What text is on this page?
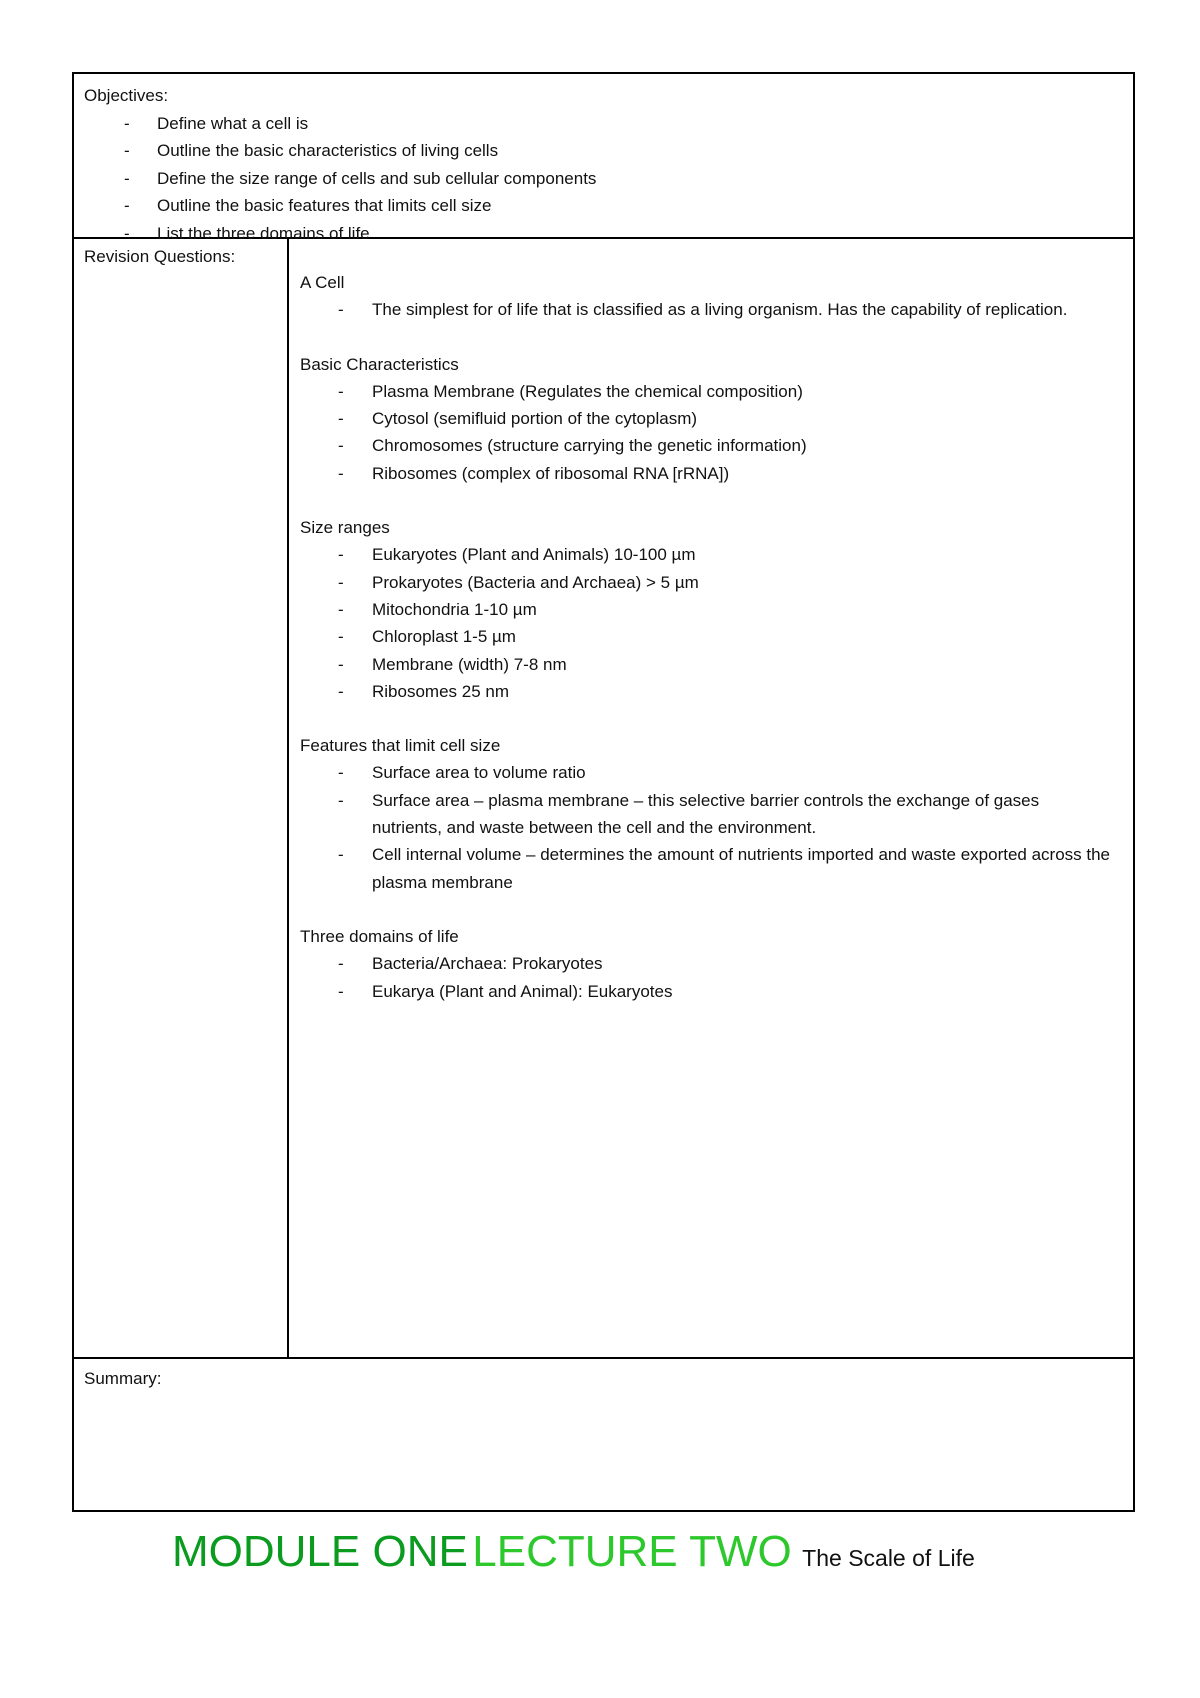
Objectives:
- Define what a cell is
- Outline the basic characteristics of living cells
- Define the size range of cells and sub cellular components
- Outline the basic features that limits cell size
- List the three domains of life
Revision Questions:
A Cell
- The simplest for of life that is classified as a living organism. Has the capability of replication.
Basic Characteristics
- Plasma Membrane (Regulates the chemical composition)
- Cytosol (semifluid portion of the cytoplasm)
- Chromosomes (structure carrying the genetic information)
- Ribosomes (complex of ribosomal RNA [rRNA])
Size ranges
- Eukaryotes (Plant and Animals) 10-100 µm
- Prokaryotes (Bacteria and Archaea) > 5 µm
- Mitochondria 1-10 µm
- Chloroplast 1-5 µm
- Membrane (width) 7-8 nm
- Ribosomes 25 nm
Features that limit cell size
- Surface area to volume ratio
- Surface area – plasma membrane – this selective barrier controls the exchange of gases nutrients, and waste between the cell and the environment.
- Cell internal volume – determines the amount of nutrients imported and waste exported across the plasma membrane
Three domains of life
- Bacteria/Archaea: Prokaryotes
- Eukarya (Plant and Animal): Eukaryotes
Summary:
MODULE ONE LECTURE TWO The Scale of Life
